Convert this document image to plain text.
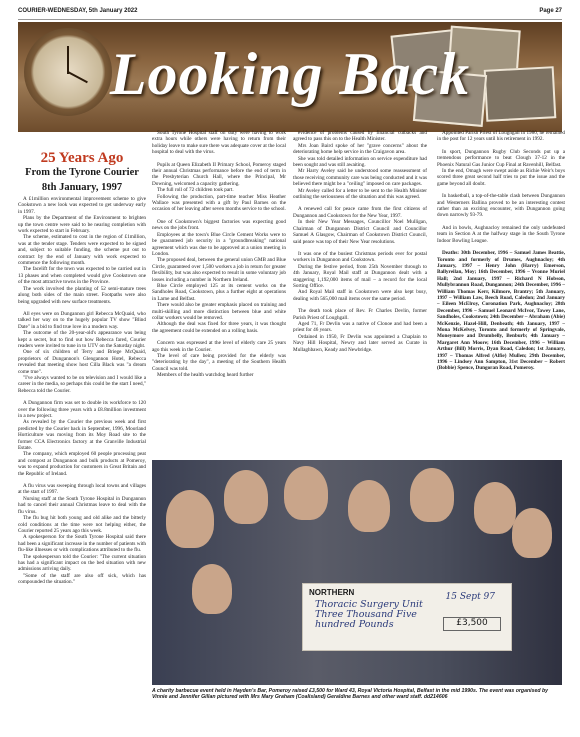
COURIER-WEDNESDAY, 5th January 2022	Page 27
Looking Back
25 Years Ago
From the Tyrone Courier
8th January, 1997

A £1million environmental improvement scheme to give Cookstown a new look was expected to get underway early in 1997.

Plans by the Department of the Environment to brighten up the town centre were said to be nearing completion with work expected to start in February.

The scheme, estimated to cost in the region of £1million, was at the tender stage. Tenders were expected to be signed and, subject to suitable funding, the scheme put out to contract by the end of January with work expected to commence the following month.

The facelift for the town was expected to be carried out in 13 phases and when completed would give Cookstown one of the most attractive towns in the Province.

The work involved the planting of 52 semi-mature trees along both sides of the main street. Footpaths were also being upgraded with new surface treatments.

All eyes were on Dungannon girl Rebecca McQuaid, who talked her way on to the hugely popular TV show "Blind Date" in a bid to find true love in a modern way.

The outcome of the 20-year-old's appearance was being kept a secret, but to find out how Rebecca fared, Courier readers were invited to tune in to UTV on the Saturday night.

One of six children of Terry and Briege McQuaid, proprietors of Dungannon's Glengannon Hotel, Rebecca revealed that meeting show host Cilla Black was "a dream come true".

"I've always wanted to be on television and I would like a career in the media, so perhaps this could be the start I need," Rebecca told the Courier.

A Dungannon firm was set to double its workforce to 120 over the following three years with a £8.8million investment in a new project.

As revealed by the Courier the previous week and first predicted by the Courier back in September, 1996, Moorland Horticulture was moving from its Moy Road site to the former CCA Electronics factory at the Granville Industrial Estate.

The company, which employed 60 people processing peat and compost at Dungannon and bulk products at Pomeroy, was to expand production for customers in Great Britain and the Republic of Ireland.

A flu virus was sweeping through local towns and villages at the start of 1997.

Nursing staff at the South Tyrone Hospital in Dungannon had to cancel their annual Christmas leave to deal with the flu virus.

The flu bug hit both young and old alike and the bitterly cold conditions at the time were not helping either, the Courier reported 25 years ago this week.

A spokesperson for the South Tyrone Hospital said there had been a significant increase in the number of patients with flu-like illnesses or with complications attributed to the flu.

The spokesperson told the Courier: "The current situation has had a significant impact on the bed situation with new admissions arriving daily.

"Some of the staff are also off sick, which has compounded the situation."

South Tyrone Hospital staff on duty were having to work extra hours while others were having to return from their holiday leave to make sure there was adequate cover at the local hospital to deal with the virus.

Pupils at Queen Elizabeth II Primary School, Pomeroy staged their annual Christmas performance before the end of term in the Presbyterian Church Hall, where the Principal, Mr Downing, welcomed a capacity gathering.

The full roll of 72 children took part.

Following the production, part-time teacher Miss Heather Wallace was presented with a gift by Paul Barnes on the occasion of her leaving after seven months service to the school.

One of Cookstown's biggest factories was expecting good news on the jobs front.

Employees at the town's Blue Circle Cement Works were to be guaranteed job security in a "groundbreaking" national agreement which was due to be approved at a union meeting in London.

The proposed deal, between the general union GMB and Blue Circle, guaranteed over 1,500 workers a job in return for greater flexibility, but was also expected to result in some voluntary job losses including a number in Northern Ireland.

Blue Circle employed 125 at its cement works on the Sandholes Road, Cookstown, plus a further eight at operations in Larne and Belfast.

There would also be greater emphasis placed on training and multi-skilling and more distinction between blue and white collar workers would be removed.

Although the deal was fixed for three years, it was thought the agreement could be extended on a rolling basis.

Concern was expressed at the level of elderly care 25 years ago this week in the Courier.

The level of care being provided for the elderly was "deteriorating by the day", a meeting of the Southern Health Council was told.

Members of the health watchdog heard further

evidence of problems caused by financial cutbacks and agreed to pass this on to the Health Minister.

Mrs Joan Baird spoke of her "grave concerns" about the deteriorating home help service in the Craigavon area.

She was told detailed information on service expenditure had been sought and was still awaiting.

Mr Harry Aveley said he understood some reassessment of those receiving community care was being conducted and it was believed there might be a "ceiling" imposed on care packages.

Mr Aveley called for a letter to be sent to the Health Minister outlining the seriousness of the situation and this was agreed.

A renewed call for peace came from the first citizens of Dungannon and Cookstown for the New Year, 1997.

In their New Year Messages, Councillor Noel Mulligan, Chairman of Dungannon District Council and Councillor Samuel A Glasgow, Chairman of Cookstown District Council, said peace was top of their New Year resolutions.

It was one of the busiest Christmas periods ever for postal workers in Dungannon and Cookstown.

During the festive period, from 25th November through to 4th January, Royal Mail staff at Dungannon dealt with a staggering 1,192,000 items of mail – a record for the local Sorting Office.

And Royal Mail staff in Cookstown were also kept busy, dealing with 565,000 mail items over the same period.

The death took place of Rev. Fr Charles Devlin, former Parish Priest of Loughgall.

Aged 71, Fr Devlin was a native of Clonoe and had been a priest for 46 years.

Ordained in 1950, Fr Devlin was appointed a Chaplain to Navy Hill Hospital, Newry and later served as Curate in Mullaghbawn, Keady and Newbridge.

Appointed Parish Priest of Loughgall in 1980, he remained in the post for 12 years until his retirement in 1992.

In sport, Dungannon Rugby Club Seconds put up a tremendous performance to beat Clough 37-12 in the Phoenix Natural Gas Junior Cup Final at Ravenhill, Belfast.

In the end, Omagh were swept aside as Richie Weir's boys scored three great second half tries to put the issue and the game beyond all doubt.

In basketball, a top-of-the-table clash between Dungannon and Westerners Ballina proved to be an interesting contest rather than an exciting encounter, with Dungannon going down narrowly 93-79.

And in bowls, Aughnacloy remained the only undefeated team in Section A at the halfway stage in the South Tyrone Indoor Bowling League.

Deaths: 30th December, 1996 – Samuel James Beattie, Toronto and formerly of Drumes, Aughnacloy; 4th January, 1997 – Henry John (Harry) Emerson, Ballyreilan, Moy; 16th December, 1996 – Yvonne Muriel Hall; 2nd January, 1997 – Richard N Hobson, Mullybrannon Road, Dungannon; 24th December, 1996 – William Thomas Kerr, Kilmore, Brantry; 5th January, 1997 – William Law, Beech Road, Caledon; 2nd January – Eileen McElroy, Coronation Park, Aughnacloy; 28th December, 1996 – Samuel Leonard McIvor, Tawey Lane, Sandholes, Cookstown; 24th December – Abraham (Abie) McKenzie, Hazel-Hill, Denbeath; 4th January, 1997 – Mona McKelvey, Toronto and formerly of Springvale, Moneymore and Drumbelly, Benburb; 4th January – Margaret Ann Moore; 16th December, 1996 – William Arthur (Bill) Morris, Dyan Road, Caledon; 1st January, 1997 – Thomas Alfred (Alfie) Mullen; 29th December, 1996 – Lindsey Ann Sampton, 31st December – Robert (Bobbie) Spence, Dungoran Road, Pomeroy.

NORTHERN	15 Sept 97
Thoracic Surgery Unit Three Thousand Five hundred Pounds	£3,500
A charity barbecue event held in Hayden's Bar, Pomeroy raised £3,500 for Ward 43, Royal Victoria Hospital, Belfast in the mid 1990s. The event was organised by Vinnie and Jennifer Gillan pictured with Mrs Mary Graham (Coalisland) Geraldine Barnes and other ward staff. dd214606
